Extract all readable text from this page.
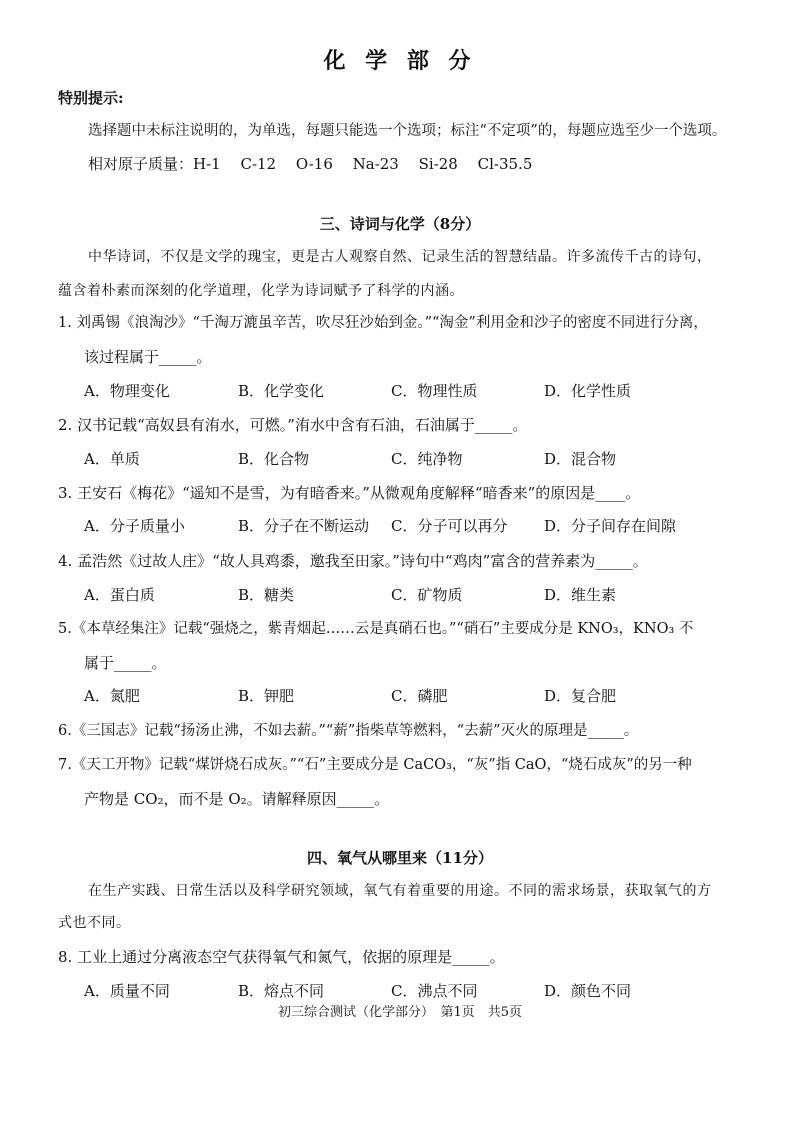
化 学 部 分
特别提示:
选择题中未标注说明的，为单选，每题只能选一个选项；标注“不定项”的，每题应选至少一个选项。
相对原子质量：H-1　 C-12　 O-16　 Na-23　 Si-28　 Cl-35.5
三、诗词与化学（8分）
中华诗词，不仅是文学的瑰宝，更是古人观察自然、记录生活的智慧结晶。许多流传千古的诗句，
蕴含着朴素而深刻的化学道理，化学为诗词赋予了科学的内涵。
1. 刘禹锡《浪淘沙》“千淘万漉虽辛苦，吹尽狂沙始到金。”“淘金”利用金和沙子的密度不同进行分离，
该过程属于_____。
A．物理变化	B．化学变化	C．物理性质	D．化学性质
2. 汉书记载“高奴县有洧水，可燃。”洧水中含有石油，石油属于_____。
A．单质	B．化合物	C．纯净物	D．混合物
3. 王安石《梅花》“遥知不是雪，为有暗香来。”从微观角度解释“暗香来”的原因是____。
A．分子质量小	B．分子在不断运动 C．分子可以再分 D．分子间存在间隙
4. 孟浩然《过故人庄》“故人具鸡黍，邀我至田家。”诗句中“鸡肉”富含的营养素为_____。
A．蛋白质	B．糖类	C．矿物质	D．维生素
5.《本草经集注》记载“强烧之，紫青烟起……云是真硝石也。”“硝石”主要成分是 KNO₃，KNO₃ 不
属于_____。
A．氮肥	B．钾肥	C．磷肥	D．复合肥
6.《三国志》记载“扬汤止沸，不如去薪。”“薪”指柴草等燃料，“去薪”灭火的原理是_____。
7.《天工开物》记载“煤饼烧石成灰。”“石”主要成分是 CaCO₃，“灰”指 CaO，“烧石成灰”的另一种
产物是 CO₂，而不是 O₂。请解释原因_____。
四、氧气从哪里来（11分）
在生产实践、日常生活以及科学研究领域，氧气有着重要的用途。不同的需求场景，获取氧气的方
式也不同。
8. 工业上通过分离液态空气获得氧气和氮气，依据的原理是_____。
A．质量不同	B．熔点不同	C．沸点不同	D．颜色不同
初三综合测试（化学部分）　第1页　共5页
